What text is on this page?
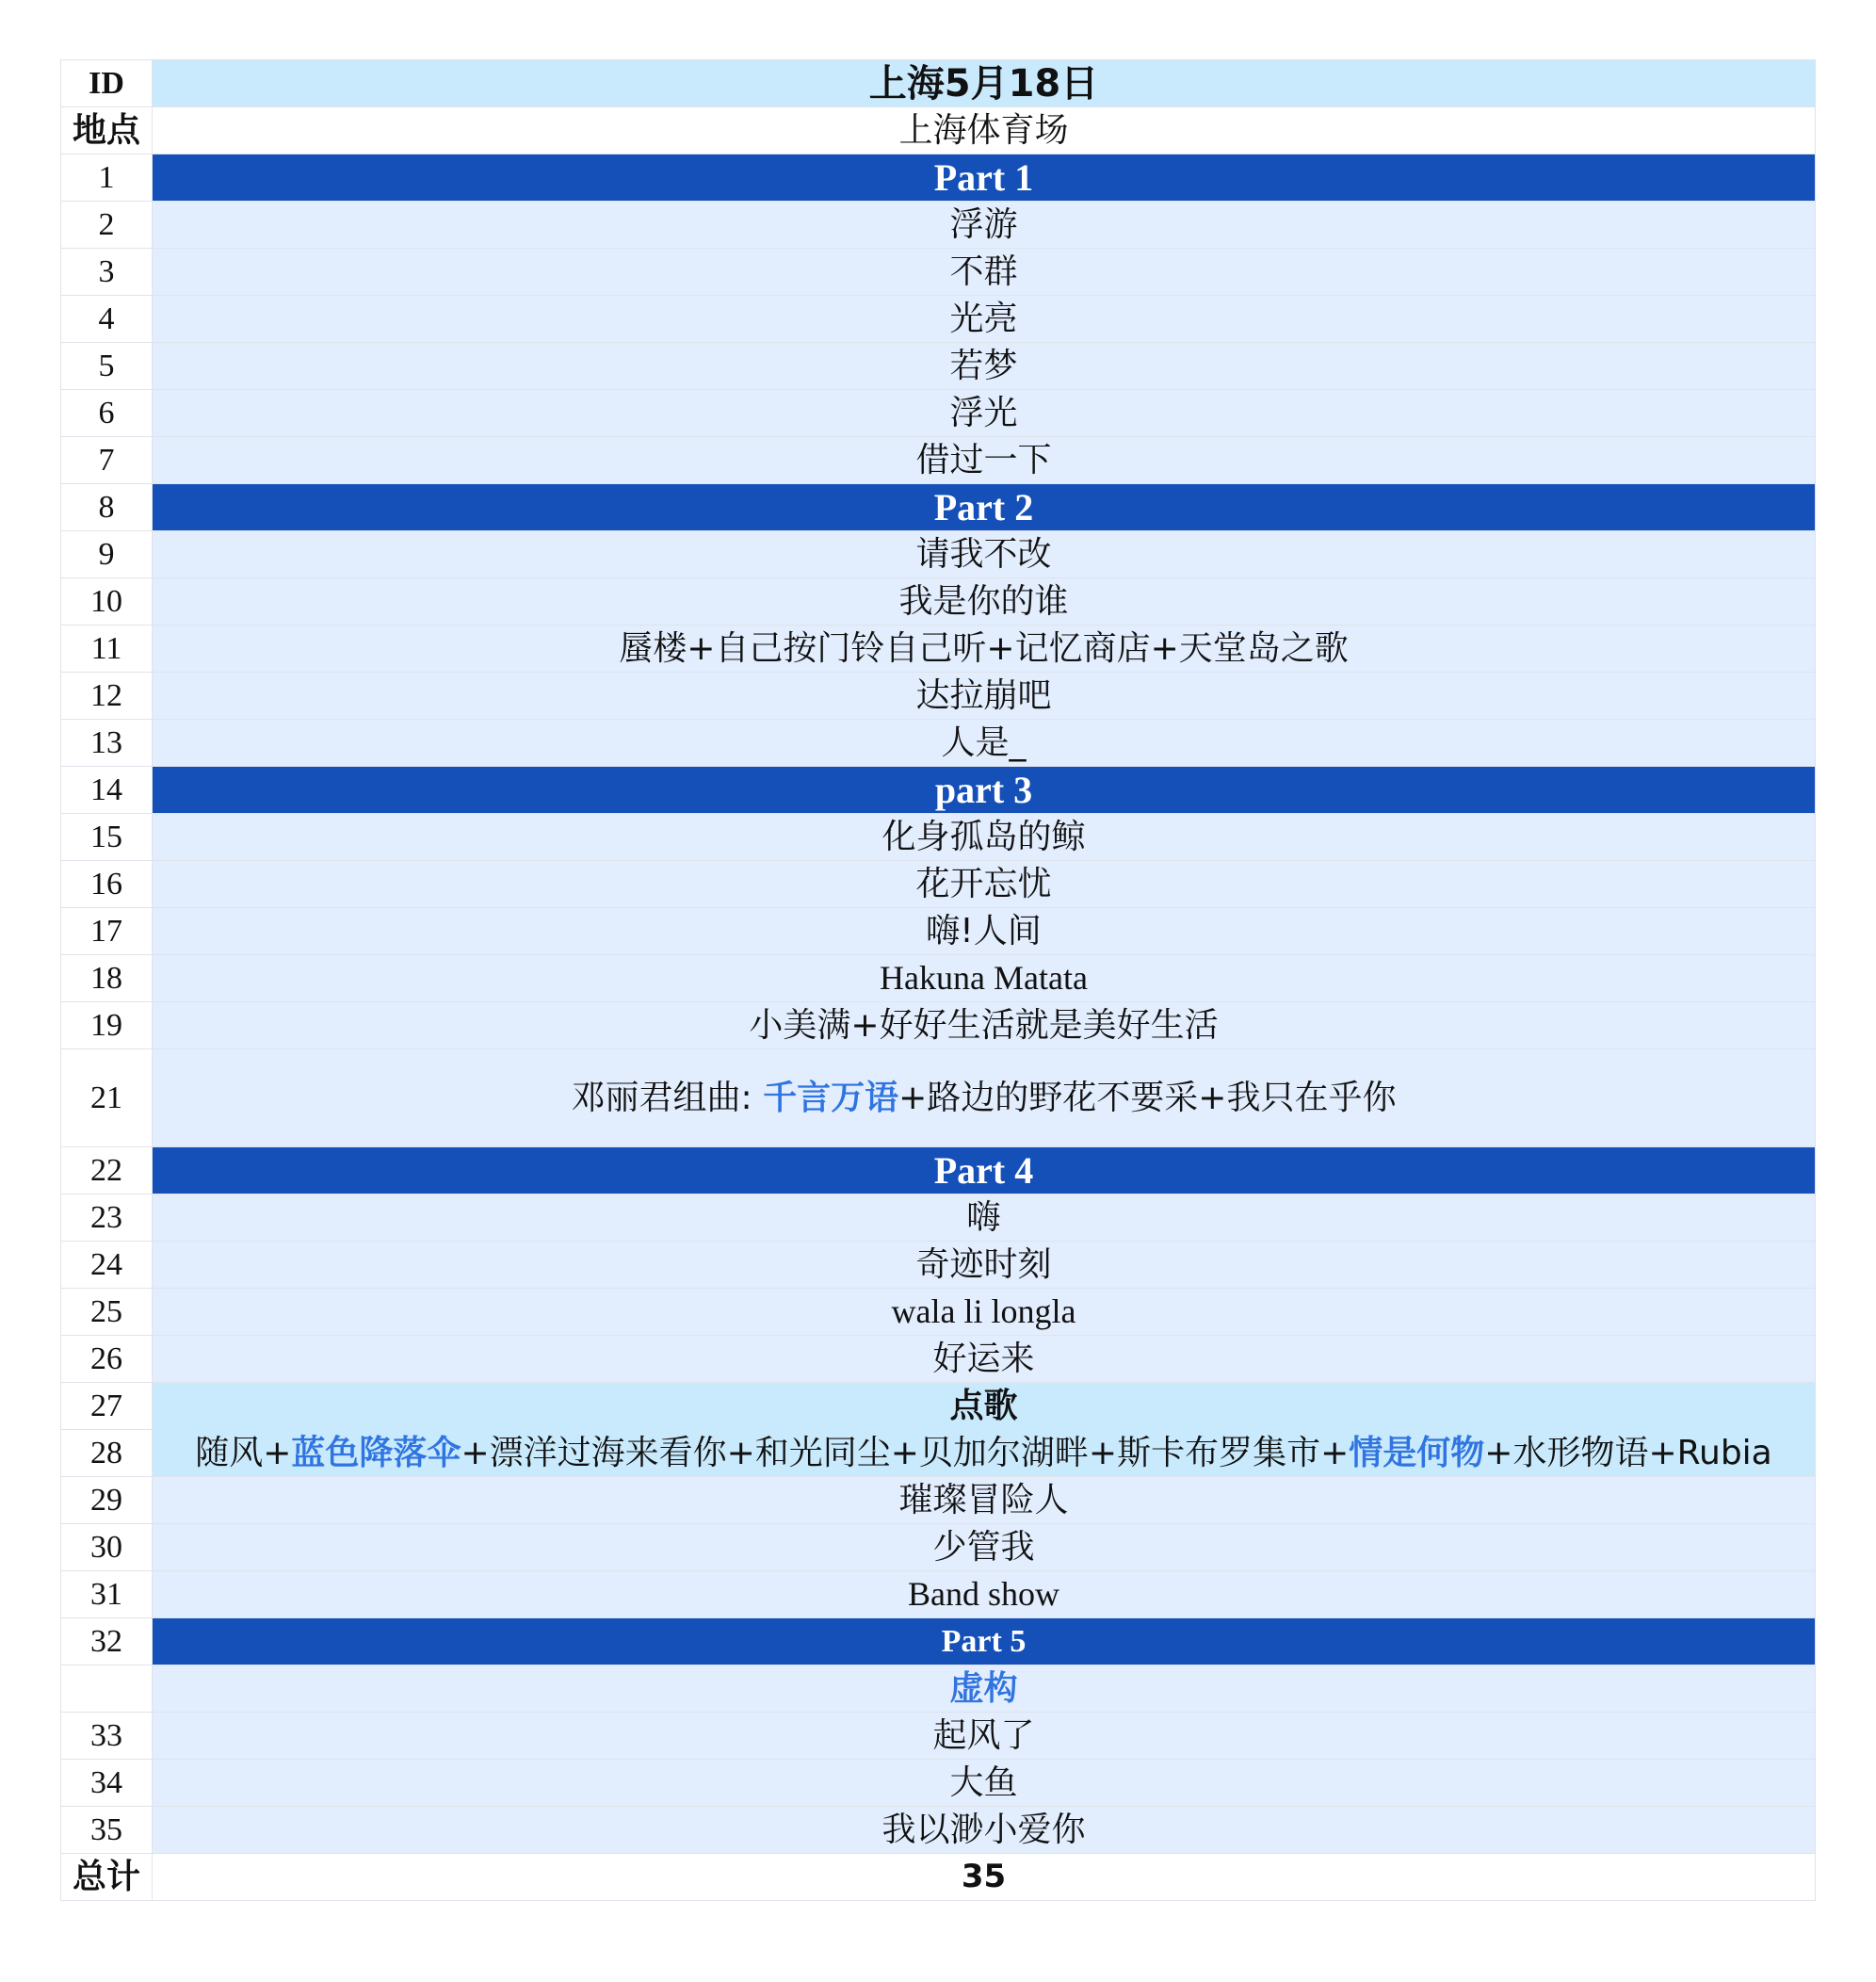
ID	上海5月18日
地点	上海体育场
1	Part 1
2	浮游
3	不群
4	光亮
5	若梦
6	浮光
7	借过一下
8	Part 2
9	请我不改
10	我是你的谁
11	蜃楼+自己按门铃自己听+记忆商店+天堂岛之歌
12	达拉崩吧
13	人是_
14	part 3
15	化身孤岛的鲸
16	花开忘忧
17	嗨!人间
18	Hakuna Matata
19	小美满+好好生活就是美好生活
21	邓丽君组曲: 千言万语+路边的野花不要采+我只在乎你
22	Part 4
23	嗨
24	奇迹时刻
25	wala li longla
26	好运来
27	点歌
28	随风+蓝色降落伞+漂洋过海来看你+和光同尘+贝加尔湖畔+斯卡布罗集市+情是何物+水形物语+Rubia
29	璀璨冒险人
30	少管我
31	Band show
32	Part 5
	虚构
33	起风了
34	大鱼
35	我以渺小爱你
总计	35
